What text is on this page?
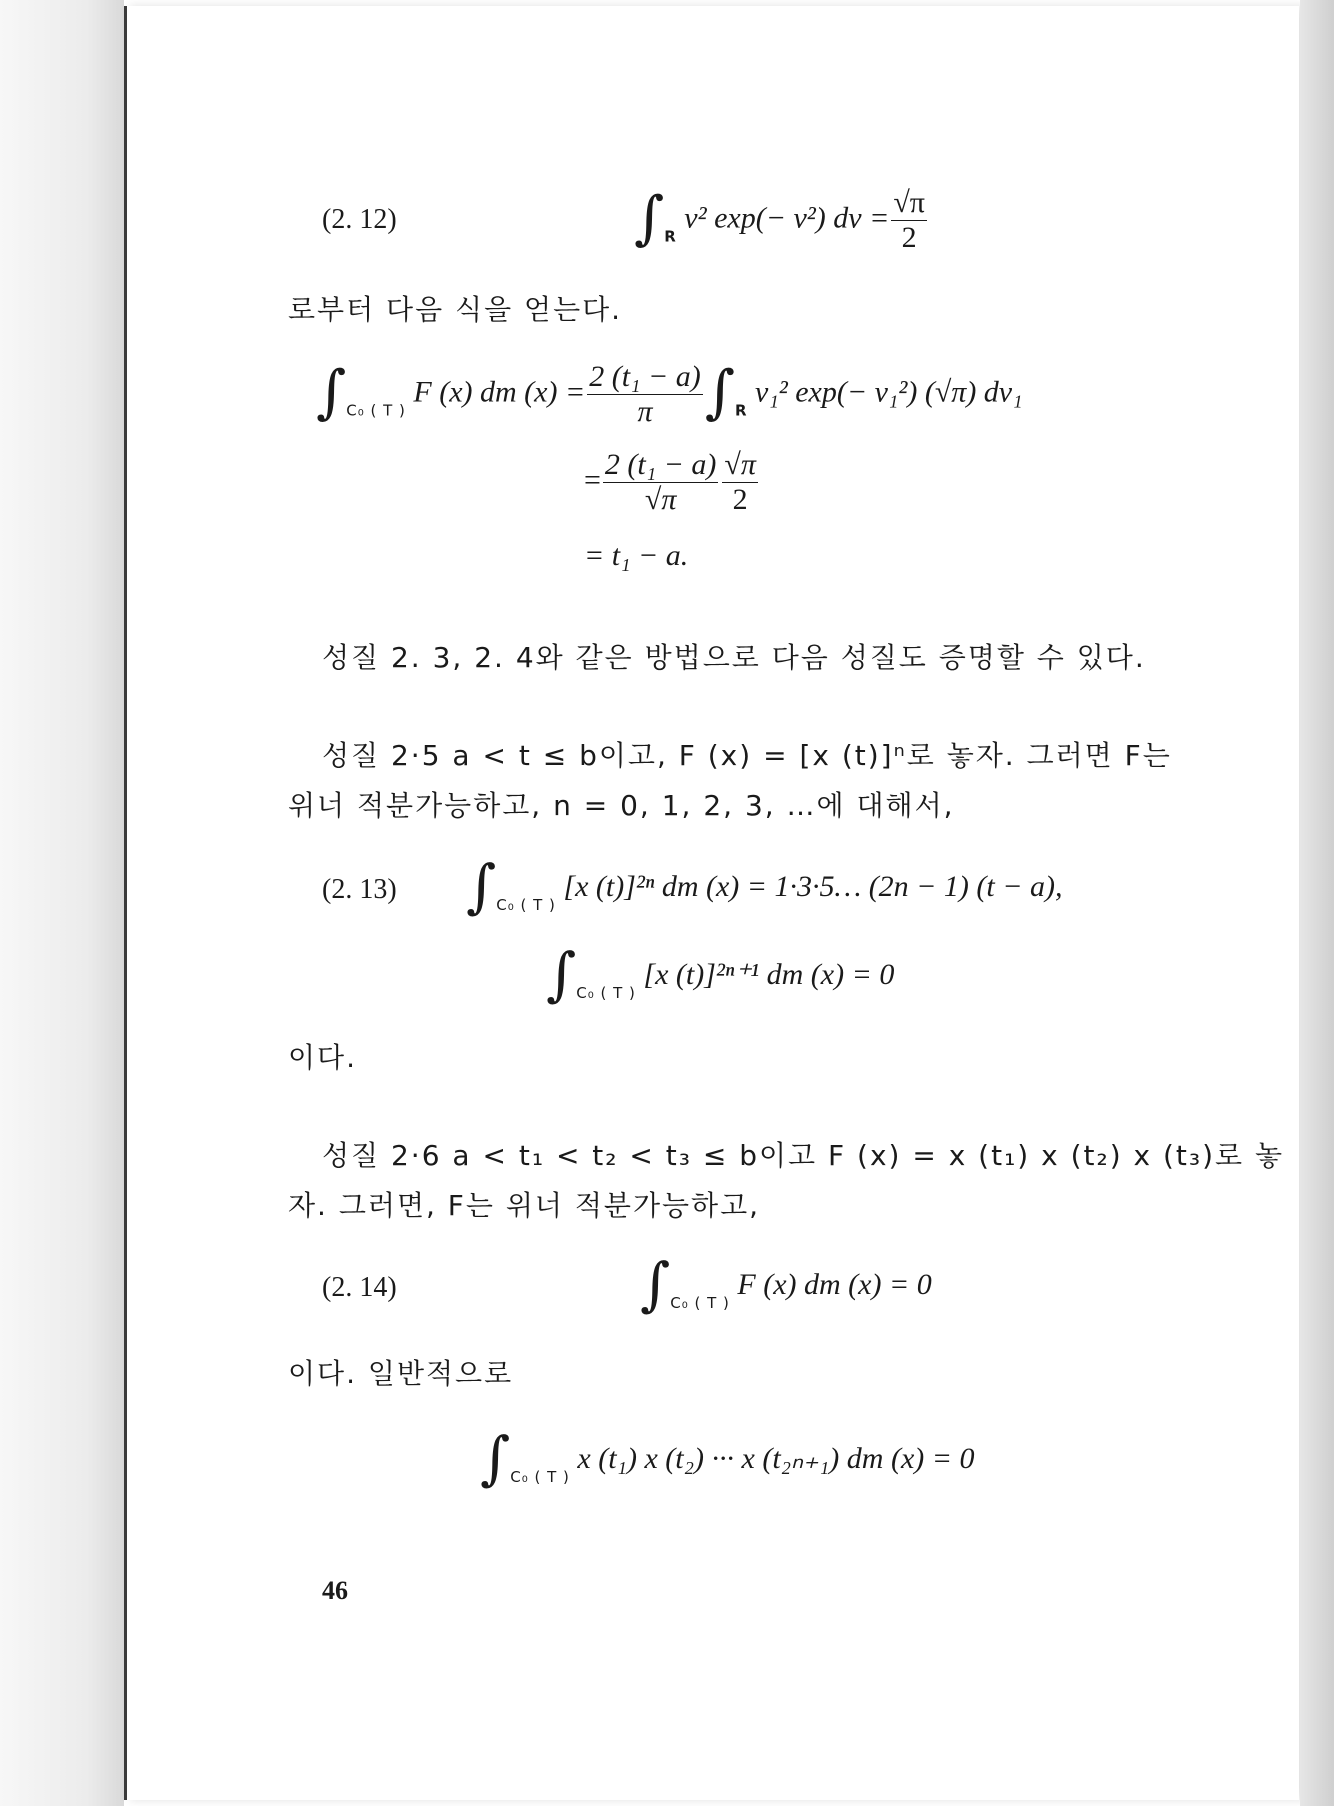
(2. 12)	$\int_R$ v² exp(− v²) dv = $\frac{√\pi}{2}$
로부터 다음 식을 얻는다.
$\int_{C_0 ( T )}$ F (x) dm $(x) = \frac{\text{2 (t₁ − a)}}{\pi} \int_R$ v₁² exp(− v₁²) (√π) dv₁
= $\frac{\text{2 (t₁ − a)}}{√\pi} \frac{√\pi}{2}$
= t₁ − a.
성질 2. 3, 2. 4와 같은 방법으로 다음 성질도 증명할 수 있다.
성질 2·5 a < t ≤ b이고, F (x) = [x (t)]ⁿ로 놓자. 그러면 F는
위너 적분가능하고, n = 0, 1, 2, 3, …에 대해서,
(2. 13) $\int_{C_0 ( T )}$ [x (t)]²ⁿ dm (x) = 1·3·5… (2n − 1) (t − a),
$\int_{C_0 ( T )}$ [x (t)]²ⁿ⁺¹ dm (x) = 0
이다.
성질 2·6 a < t₁ < t₂ < t₃ ≤ b이고 F (x) = x (t₁) x (t₂) x (t₃)로 놓
자. 그러면, F는 위너 적분가능하고,
(2. 14)	$\int_{C_0 ( T )}$ F (x) dm (x) = 0
이다. 일반적으로
$\int_{C_0 ( T )}$ x (t₁) x (t₂) ··· x (t₂ₙ₊₁) dm (x) = 0
46
